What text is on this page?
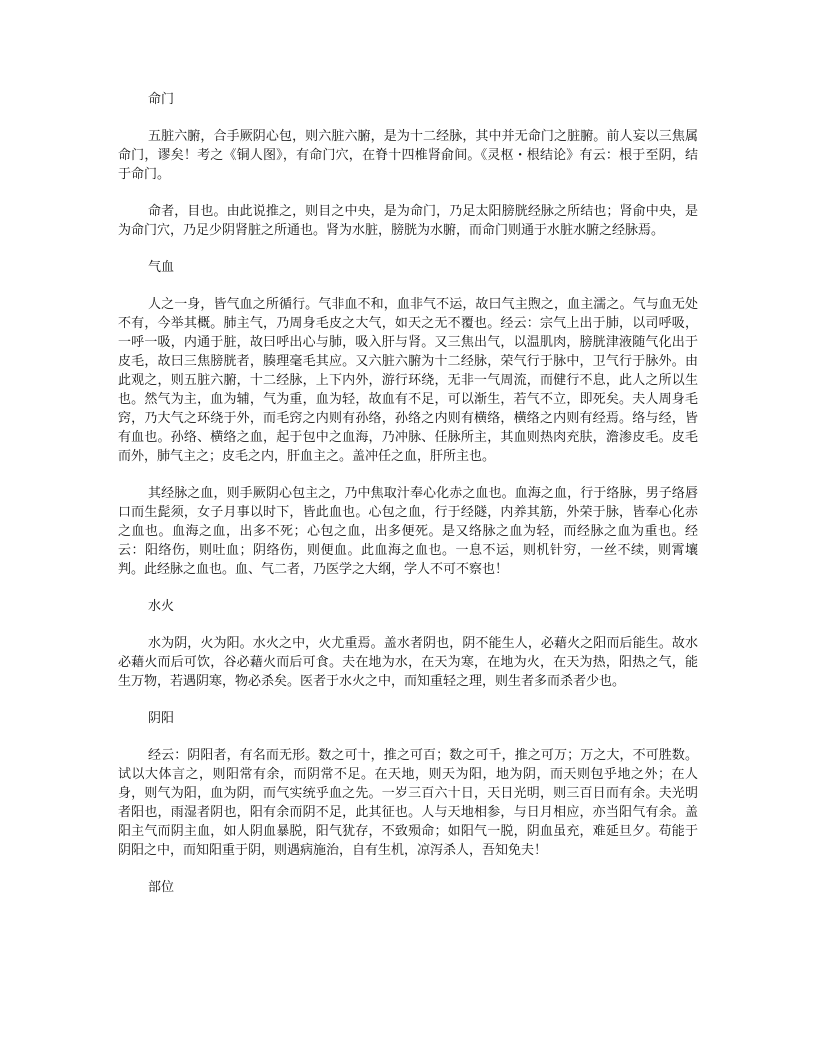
命门

五脏六腑，合手厥阴心包，则六脏六腑，是为十二经脉，其中并无命门之脏腑。前人妄以三焦属命门，谬矣！考之《铜人图》，有命门穴，在脊十四椎肾俞间。《灵枢・根结论》有云：根于至阴，结于命门。

命者，目也。由此说推之，则目之中央，是为命门，乃足太阳膀胱经脉之所结也；肾俞中央，是为命门穴，乃足少阴肾脏之所通也。肾为水脏，膀胱为水腑，而命门则通于水脏水腑之经脉焉。

气血

人之一身，皆气血之所循行。气非血不和，血非气不运，故曰气主煦之，血主濡之。气与血无处不有，今举其概。肺主气，乃周身毛皮之大气，如天之无不覆也。经云：宗气上出于肺，以司呼吸，一呼一吸，内通于脏，故曰呼出心与肺，吸入肝与肾。又三焦出气，以温肌肉，膀胱津液随气化出于皮毛，故曰三焦膀胱者，腠理毫毛其应。又六脏六腑为十二经脉，荣气行于脉中，卫气行于脉外。由此观之，则五脏六腑，十二经脉，上下内外，游行环绕，无非一气周流，而健行不息，此人之所以生也。然气为主，血为辅，气为重，血为轻，故血有不足，可以渐生，若气不立，即死矣。夫人周身毛窍，乃大气之环绕于外，而毛窍之内则有孙络，孙络之内则有横络，横络之内则有经焉。络与经，皆有血也。孙络、横络之血，起于包中之血海，乃冲脉、任脉所主，其血则热肉充肤，澹渗皮毛。皮毛而外，肺气主之；皮毛之内，肝血主之。盖冲任之血，肝所主也。

其经脉之血，则手厥阴心包主之，乃中焦取汁奉心化赤之血也。血海之血，行于络脉，男子络唇口而生髭须，女子月事以时下，皆此血也。心包之血，行于经隧，内养其筋，外荣于脉，皆奉心化赤之血也。血海之血，出多不死；心包之血，出多便死。是又络脉之血为轻，而经脉之血为重也。经云：阳络伤，则吐血；阴络伤，则便血。此血海之血也。一息不运，则机针穷，一丝不续，则霄壤判。此经脉之血也。血、气二者，乃医学之大纲，学人不可不察也！

水火

水为阴，火为阳。水火之中，火尤重焉。盖水者阴也，阴不能生人，必藉火之阳而后能生。故水必藉火而后可饮，谷必藉火而后可食。夫在地为水，在天为寒，在地为火，在天为热，阳热之气，能生万物，若遇阴寒，物必杀矣。医者于水火之中，而知重轻之理，则生者多而杀者少也。

阴阳

经云：阴阳者，有名而无形。数之可十，推之可百；数之可千，推之可万；万之大，不可胜数。试以大体言之，则阳常有余，而阴常不足。在天地，则天为阳，地为阴，而天则包乎地之外；在人身，则气为阳，血为阴，而气实统乎血之先。一岁三百六十日，天日光明，则三百日而有余。夫光明者阳也，雨湿者阴也，阳有余而阴不足，此其征也。人与天地相参，与日月相应，亦当阳气有余。盖阳主气而阴主血，如人阴血暴脱，阳气犹存，不致殒命；如阳气一脱，阴血虽充，难延旦夕。苟能于阴阳之中，而知阳重于阴，则遇病施治，自有生机，凉泻杀人，吾知免夫！

部位
